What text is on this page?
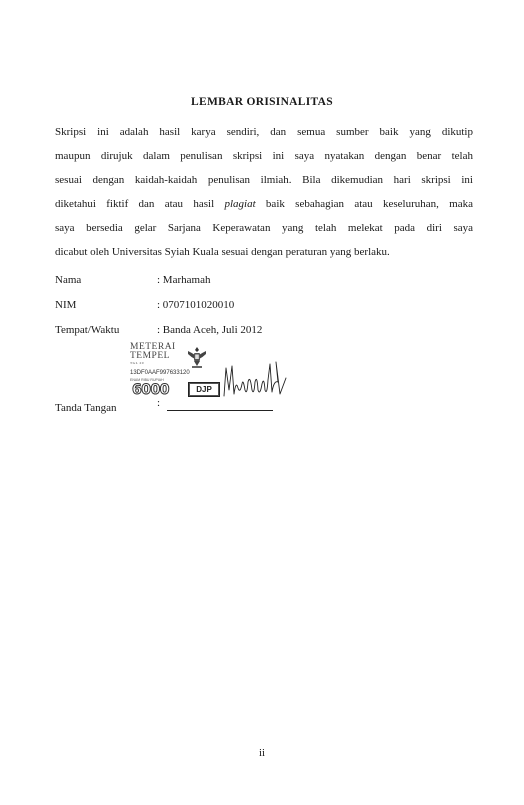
LEMBAR ORISINALITAS
Skripsi ini adalah hasil karya sendiri, dan semua sumber baik yang dikutip
maupun dirujuk dalam penulisan skripsi ini saya nyatakan dengan benar telah
sesuai dengan kaidah-kaidah penulisan ilmiah. Bila dikemudian hari skripsi ini
diketahui fiktif dan atau hasil plagiat baik sebahagian atau keseluruhan, maka
saya bersedia gelar Sarjana Keperawatan yang telah melekat pada diri saya
dicabut oleh Universitas Syiah Kuala sesuai dengan peraturan yang berlaku.
Nama	: Marhamah
NIM	: 0707101020010
Tempat/Waktu	: Banda Aceh, Juli 2012
METERAI
TEMPEL
TGL 20
13DF0AAF997633120
ENAM RIBU RUPIAH
6000	DJP
Tanda Tangan	:
ii
